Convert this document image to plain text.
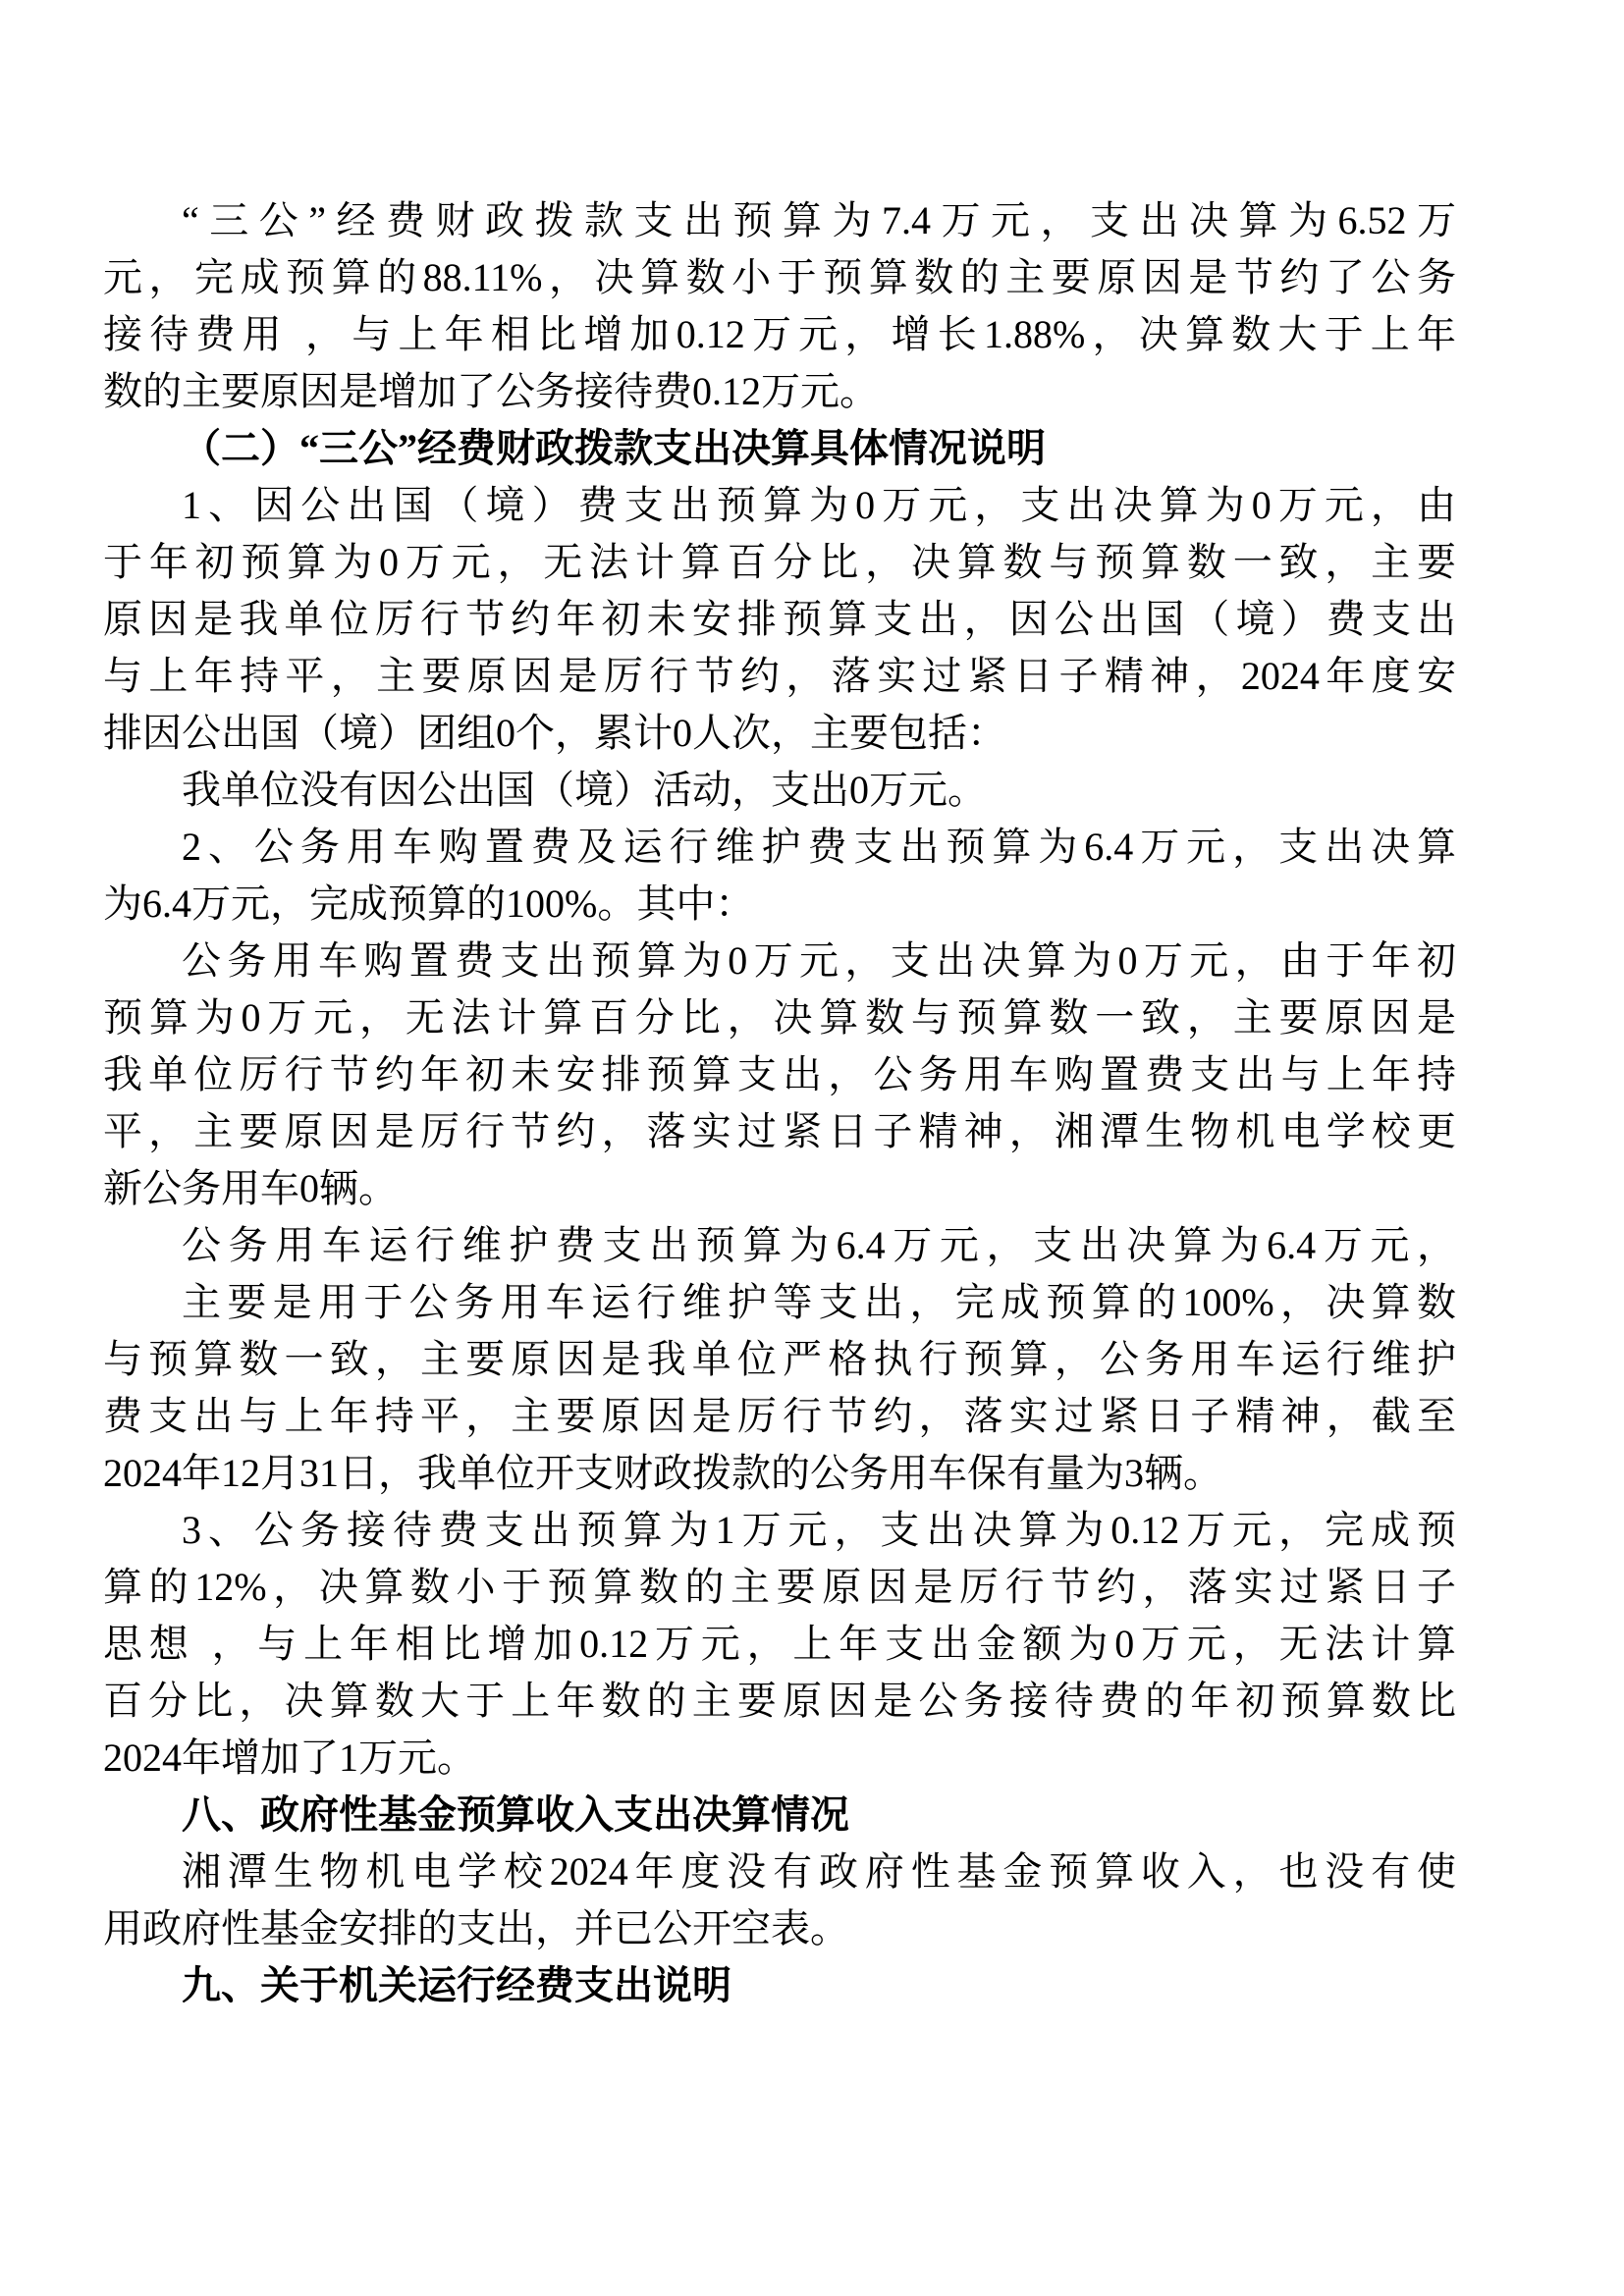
“三公”经费财政拨款支出预算为7.4万元，支出决算为6.52万
元，完成预算的88.11%，决算数小于预算数的主要原因是节约了公务
接待费用 ，与上年相比增加0.12万元，增长1.88%，决算数大于上年
数的主要原因是增加了公务接待费0.12万元。
（二）“三公”经费财政拨款支出决算具体情况说明
1、因公出国（境）费支出预算为0万元，支出决算为0万元，由
于年初预算为0万元，无法计算百分比，决算数与预算数一致，主要
原因是我单位厉行节约年初未安排预算支出，因公出国（境）费支出
与上年持平，主要原因是厉行节约，落实过紧日子精神，2024年度安
排因公出国（境）团组0个，累计0人次，主要包括：
我单位没有因公出国（境）活动，支出0万元。
2、公务用车购置费及运行维护费支出预算为6.4万元，支出决算
为6.4万元，完成预算的100%。其中：
公务用车购置费支出预算为0万元，支出决算为0万元，由于年初
预算为0万元，无法计算百分比，决算数与预算数一致，主要原因是
我单位厉行节约年初未安排预算支出，公务用车购置费支出与上年持
平，主要原因是厉行节约，落实过紧日子精神，湘潭生物机电学校更
新公务用车0辆。
公务用车运行维护费支出预算为6.4万元，支出决算为6.4万元，
主要是用于公务用车运行维护等支出，完成预算的100%，决算数
与预算数一致，主要原因是我单位严格执行预算，公务用车运行维护
费支出与上年持平，主要原因是厉行节约，落实过紧日子精神，截至
2024年12月31日，我单位开支财政拨款的公务用车保有量为3辆。
3、公务接待费支出预算为1万元，支出决算为0.12万元，完成预
算的12%，决算数小于预算数的主要原因是厉行节约，落实过紧日子
思想 ，与上年相比增加0.12万元，上年支出金额为0万元，无法计算
百分比，决算数大于上年数的主要原因是公务接待费的年初预算数比
2024年增加了1万元。
八、政府性基金预算收入支出决算情况
湘潭生物机电学校2024年度没有政府性基金预算收入，也没有使
用政府性基金安排的支出，并已公开空表。
九、关于机关运行经费支出说明
